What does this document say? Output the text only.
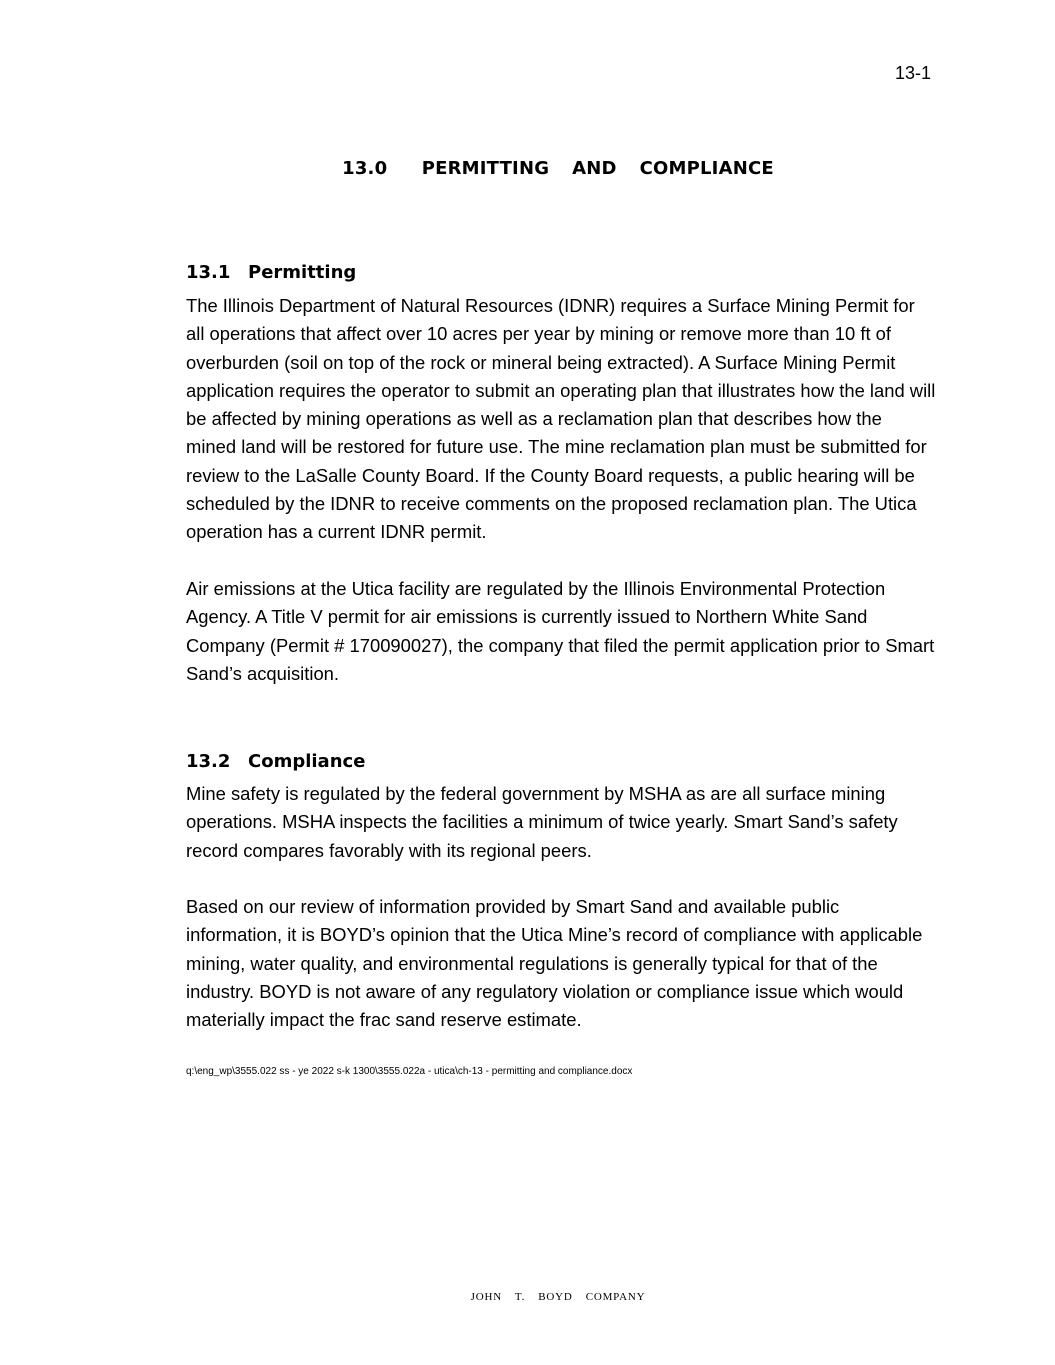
13-1
13.0   PERMITTING  AND  COMPLIANCE
13.1 Permitting

The Illinois Department of Natural Resources (IDNR) requires a Surface Mining Permit for all operations that affect over 10 acres per year by mining or remove more than 10 ft of overburden (soil on top of the rock or mineral being extracted). A Surface Mining Permit application requires the operator to submit an operating plan that illustrates how the land will be affected by mining operations as well as a reclamation plan that describes how the mined land will be restored for future use. The mine reclamation plan must be submitted for review to the LaSalle County Board. If the County Board requests, a public hearing will be scheduled by the IDNR to receive comments on the proposed reclamation plan. The Utica operation has a current IDNR permit.

Air emissions at the Utica facility are regulated by the Illinois Environmental Protection Agency. A Title V permit for air emissions is currently issued to Northern White Sand Company (Permit # 170090027), the company that filed the permit application prior to Smart Sand’s acquisition.

13.2 Compliance

Mine safety is regulated by the federal government by MSHA as are all surface mining operations. MSHA inspects the facilities a minimum of twice yearly. Smart Sand’s safety record compares favorably with its regional peers.

Based on our review of information provided by Smart Sand and available public information, it is BOYD’s opinion that the Utica Mine’s record of compliance with applicable mining, water quality, and environmental regulations is generally typical for that of the industry. BOYD is not aware of any regulatory violation or compliance issue which would materially impact the frac sand reserve estimate.

q:\eng_wp\3555.022 ss - ye 2022 s-k 1300\3555.022a - utica\ch-13 - permitting and compliance.docx
JOHN  T.  BOYD  COMPANY
